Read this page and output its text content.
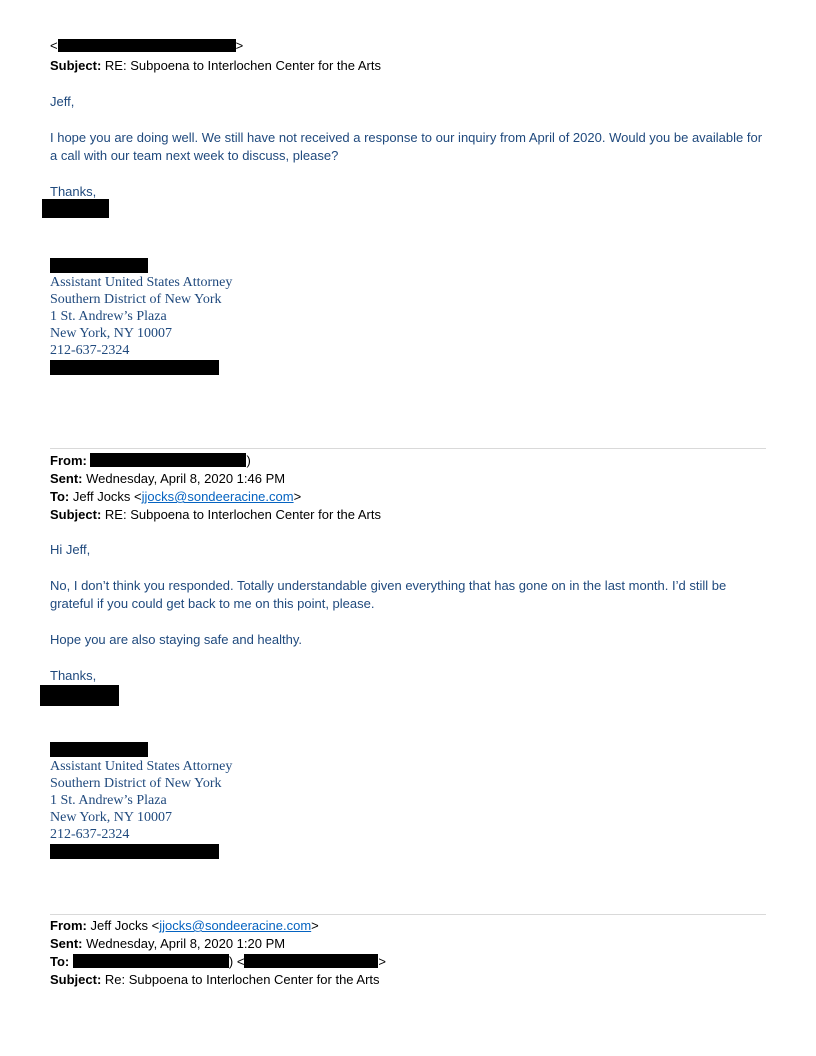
<	>
Subject: RE: Subpoena to Interlochen Center for the Arts
Jeff,
I hope you are doing well. We still have not received a response to our inquiry from April of 2020. Would you be available for a call with our team next week to discuss, please?
Thanks,
Assistant United States Attorney
Southern District of New York
1 St. Andrew’s Plaza
New York, NY 10007
212-637-2324
From:	)
Sent: Wednesday, April 8, 2020 1:46 PM
To: Jeff Jocks <jjocks@sondeeracine.com>
Subject: RE: Subpoena to Interlochen Center for the Arts
Hi Jeff,
No, I don’t think you responded. Totally understandable given everything that has gone on in the last month. I’d still be grateful if you could get back to me on this point, please.
Hope you are also staying safe and healthy.
Thanks,
Assistant United States Attorney
Southern District of New York
1 St. Andrew’s Plaza
New York, NY 10007
212-637-2324
From: Jeff Jocks <jjocks@sondeeracine.com>
Sent: Wednesday, April 8, 2020 1:20 PM
To:	) <	>
Subject: Re: Subpoena to Interlochen Center for the Arts
